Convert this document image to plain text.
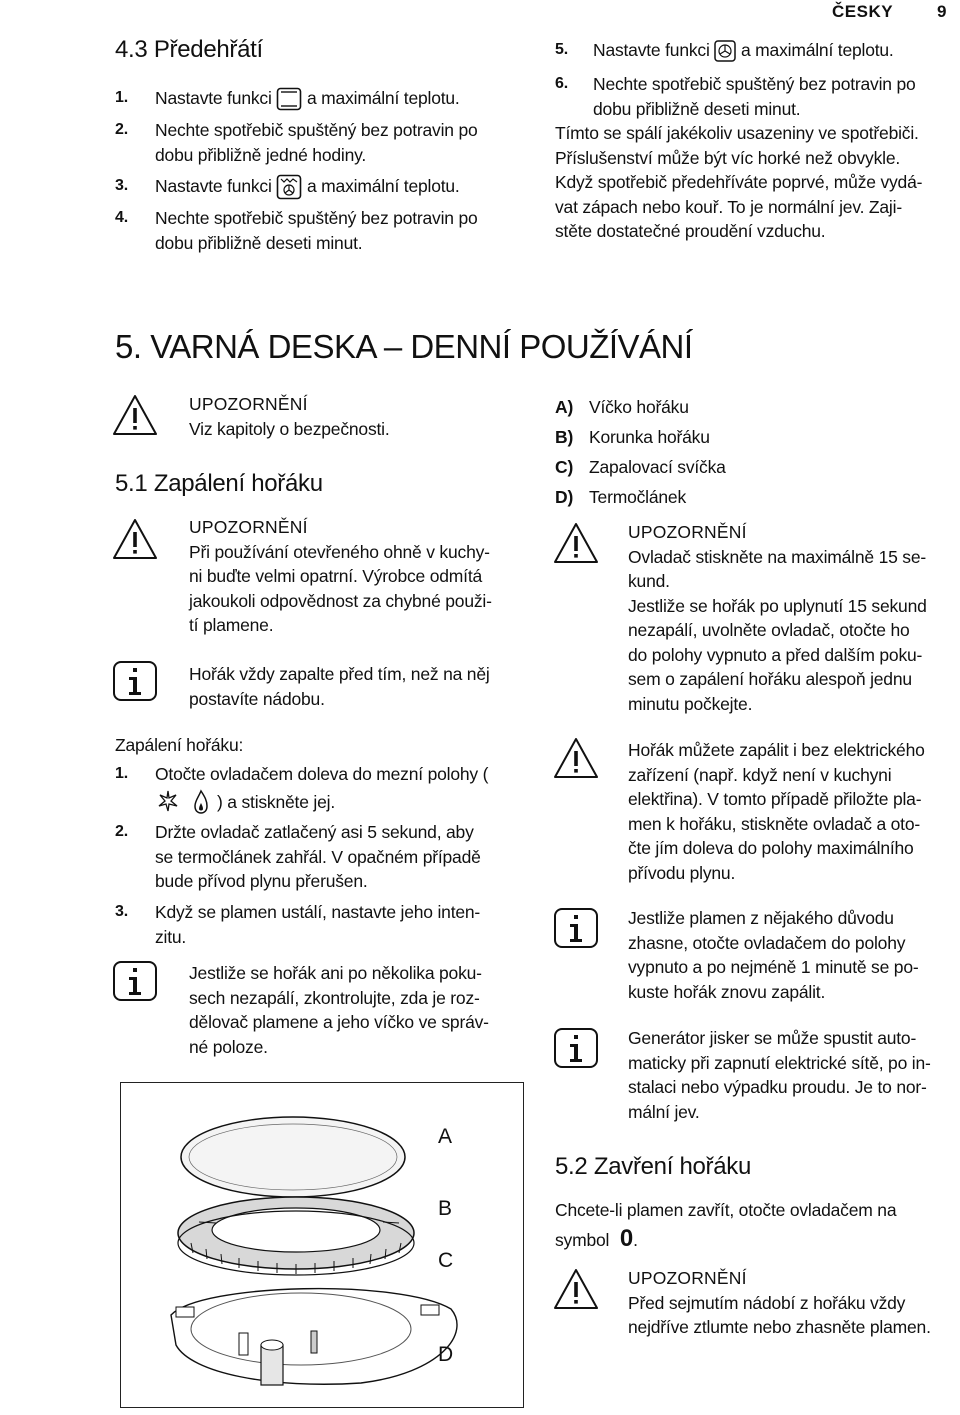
ČESKY	9
4.3 Předehřátí
1. Nastavte funkci a maximální teplotu.
2. Nechte spotřebič spuštěný bez potravin po
dobu přibližně jedné hodiny.
3. Nastavte funkci a maximální teplotu.
4. Nechte spotřebič spuštěný bez potravin po
dobu přibližně deseti minut.
5. Nastavte funkci a maximální teplotu.
6. Nechte spotřebič spuštěný bez potravin po
dobu přibližně deseti minut.
Tímto se spálí jakékoliv usazeniny ve spotřebiči.
Příslušenství může být víc horké než obvykle.
Když spotřebič předehříváte poprvé, může vydá-
vat zápach nebo kouř. To je normální jev. Zaji-
stěte dostatečné proudění vzduchu.
5. VARNÁ DESKA – DENNÍ POUŽÍVÁNÍ
UPOZORNĚNÍ
Viz kapitoly o bezpečnosti.
5.1 Zapálení hořáku
UPOZORNĚNÍ
Při používání otevřeného ohně v kuchy-
ni buďte velmi opatrní. Výrobce odmítá
jakoukoli odpovědnost za chybné použi-
tí plamene.
Hořák vždy zapalte před tím, než na něj
postavíte nádobu.
Zapálení hořáku:
1. Otočte ovladačem doleva do mezní polohy (
) a stiskněte jej.
2. Držte ovladač zatlačený asi 5 sekund, aby
se termočlánek zahřál. V opačném případě
bude přívod plynu přerušen.
3. Když se plamen ustálí, nastavte jeho inten-
zitu.
Jestliže se hořák ani po několika poku-
sech nezapálí, zkontrolujte, zda je roz-
dělovač plamene a jeho víčko ve správ-
né poloze.
A
B
C
D
A) Víčko hořáku
B) Korunka hořáku
C) Zapalovací svíčka
D) Termočlánek
UPOZORNĚNÍ
Ovladač stiskněte na maximálně 15 se-
kund.
Jestliže se hořák po uplynutí 15 sekund
nezapálí, uvolněte ovladač, otočte ho
do polohy vypnuto a před dalším poku-
sem o zapálení hořáku alespoň jednu
minutu počkejte.
Hořák můžete zapálit i bez elektrického
zařízení (např. když není v kuchyni
elektřina). V tomto případě přiložte pla-
men k hořáku, stiskněte ovladač a oto-
čte jím doleva do polohy maximálního
přívodu plynu.
Jestliže plamen z nějakého důvodu
zhasne, otočte ovladačem do polohy
vypnuto a po nejméně 1 minutě se po-
kuste hořák znovu zapálit.
Generátor jisker se může spustit auto-
maticky při zapnutí elektrické sítě, po in-
stalaci nebo výpadku proudu. Je to nor-
mální jev.
5.2 Zavření hořáku
Chcete-li plamen zavřít, otočte ovladačem na
symbol 0.
UPOZORNĚNÍ
Před sejmutím nádobí z hořáku vždy
nejdříve ztlumte nebo zhasněte plamen.
